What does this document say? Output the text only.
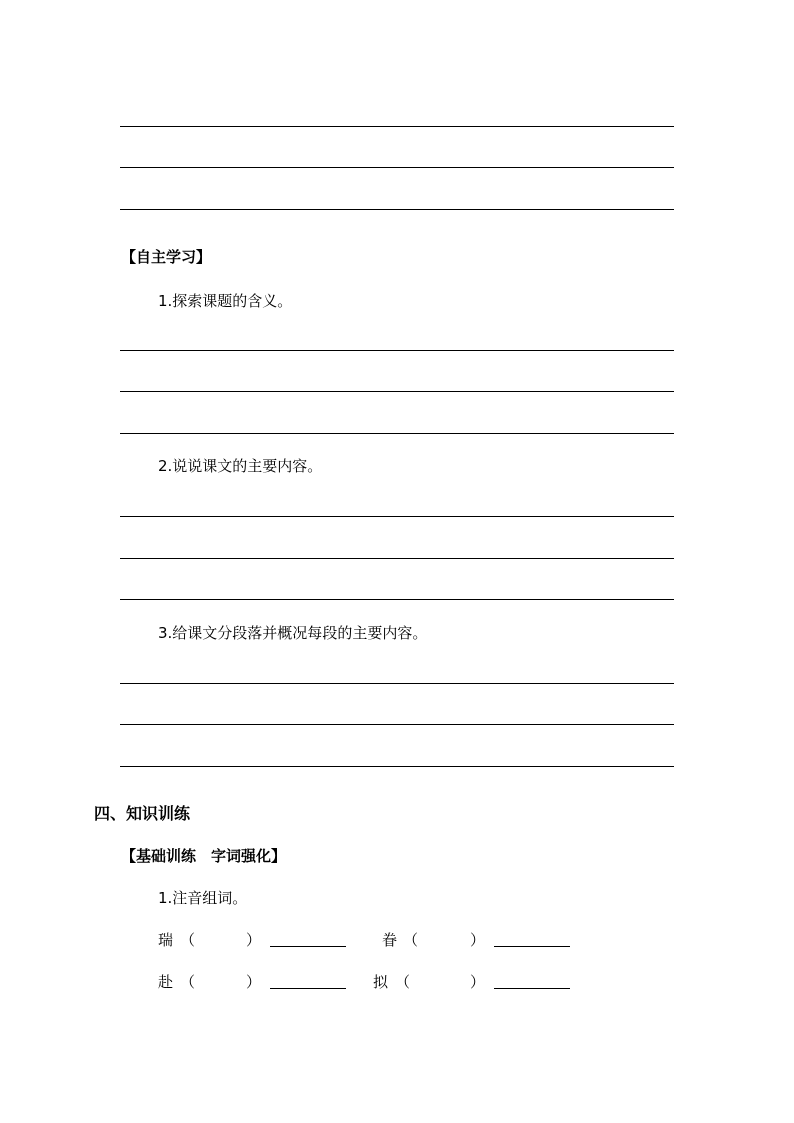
【自主学习】
1.探索课题的含义。
2.说说课文的主要内容。
3.给课文分段落并概况每段的主要内容。
四、知识训练
【基础训练　字词强化】
1.注音组词。
瑞 （	）	眷 （	）
赴 （	）	拟 （	）
